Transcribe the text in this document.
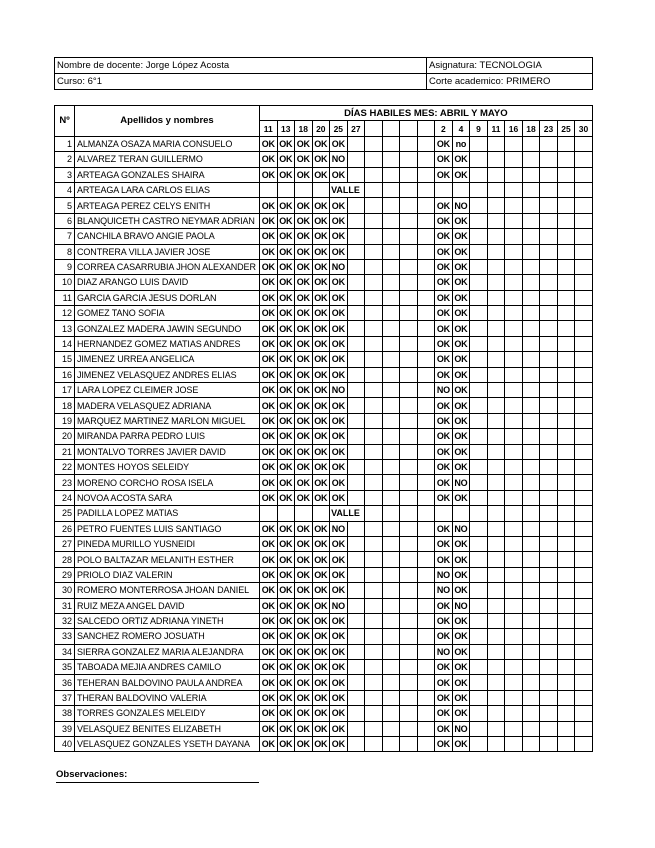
Nombre de docente: Jorge López Acosta	Asignatura: TECNOLOGIA
Curso: 6°1	Corte academico: PRIMERO
Nº	Apellidos y nombres	DÍAS HABILES MES: ABRIL Y MAYO																		
		11	13	18	20	25	27					2	4	9	11	16	18	23	25	30
1	ALMANZA OSAZA MARIA CONSUELO	OK	OK	OK	OK	OK						OK	no							
2	ALVAREZ TERAN GUILLERMO	OK	OK	OK	OK	NO						OK	OK							
3	ARTEAGA GONZALES SHAIRA	OK	OK	OK	OK	OK						OK	OK							
4	ARTEAGA LARA CARLOS ELIAS					VALLE														
5	ARTEAGA PEREZ CELYS ENITH	OK	OK	OK	OK	OK						OK	NO							
6	BLANQUICETH CASTRO NEYMAR ADRIAN	OK	OK	OK	OK	OK						OK	OK							
7	CANCHILA BRAVO ANGIE PAOLA	OK	OK	OK	OK	OK						OK	OK							
8	CONTRERA VILLA JAVIER JOSE	OK	OK	OK	OK	OK						OK	OK							
9	CORREA CASARRUBIA JHON ALEXANDER	OK	OK	OK	OK	NO						OK	OK							
10	DIAZ ARANGO LUIS DAVID	OK	OK	OK	OK	OK						OK	OK							
11	GARCIA GARCIA JESUS DORLAN	OK	OK	OK	OK	OK						OK	OK							
12	GOMEZ TANO SOFIA	OK	OK	OK	OK	OK						OK	OK							
13	GONZALEZ MADERA JAWIN SEGUNDO	OK	OK	OK	OK	OK						OK	OK							
14	HERNANDEZ GOMEZ MATIAS ANDRES	OK	OK	OK	OK	OK						OK	OK							
15	JIMENEZ URREA ANGELICA	OK	OK	OK	OK	OK						OK	OK							
16	JIMENEZ VELASQUEZ ANDRES ELIAS	OK	OK	OK	OK	OK						OK	OK							
17	LARA LOPEZ CLEIMER JOSE	OK	OK	OK	OK	NO						NO	OK							
18	MADERA VELASQUEZ ADRIANA	OK	OK	OK	OK	OK						OK	OK							
19	MARQUEZ MARTINEZ MARLON MIGUEL	OK	OK	OK	OK	OK						OK	OK							
20	MIRANDA PARRA PEDRO LUIS	OK	OK	OK	OK	OK						OK	OK							
21	MONTALVO TORRES JAVIER DAVID	OK	OK	OK	OK	OK						OK	OK							
22	MONTES HOYOS SELEIDY	OK	OK	OK	OK	OK						OK	OK							
23	MORENO CORCHO ROSA ISELA	OK	OK	OK	OK	OK						OK	NO							
24	NOVOA ACOSTA SARA	OK	OK	OK	OK	OK						OK	OK							
25	PADILLA LOPEZ MATIAS					VALLE														
26	PETRO FUENTES LUIS SANTIAGO	OK	OK	OK	OK	NO						OK	NO							
27	PINEDA MURILLO YUSNEIDI	OK	OK	OK	OK	OK						OK	OK							
28	POLO BALTAZAR MELANITH ESTHER	OK	OK	OK	OK	OK						OK	OK							
29	PRIOLO DIAZ VALERIN	OK	OK	OK	OK	OK						NO	OK							
30	ROMERO MONTERROSA JHOAN DANIEL	OK	OK	OK	OK	OK						NO	OK							
31	RUIZ MEZA ANGEL DAVID	OK	OK	OK	OK	NO						OK	NO							
32	SALCEDO ORTIZ ADRIANA YINETH	OK	OK	OK	OK	OK						OK	OK							
33	SANCHEZ ROMERO JOSUATH	OK	OK	OK	OK	OK						OK	OK							
34	SIERRA GONZALEZ MARIA ALEJANDRA	OK	OK	OK	OK	OK						NO	OK							
35	TABOADA MEJIA ANDRES CAMILO	OK	OK	OK	OK	OK						OK	OK							
36	TEHERAN BALDOVINO PAULA ANDREA	OK	OK	OK	OK	OK						OK	OK							
37	THERAN BALDOVINO VALERIA	OK	OK	OK	OK	OK						OK	OK							
38	TORRES GONZALES MELEIDY	OK	OK	OK	OK	OK						OK	OK							
39	VELASQUEZ BENITES ELIZABETH	OK	OK	OK	OK	OK						OK	NO							
40	VELASQUEZ GONZALES YSETH DAYANA	OK	OK	OK	OK	OK						OK	OK							
Observaciones:
